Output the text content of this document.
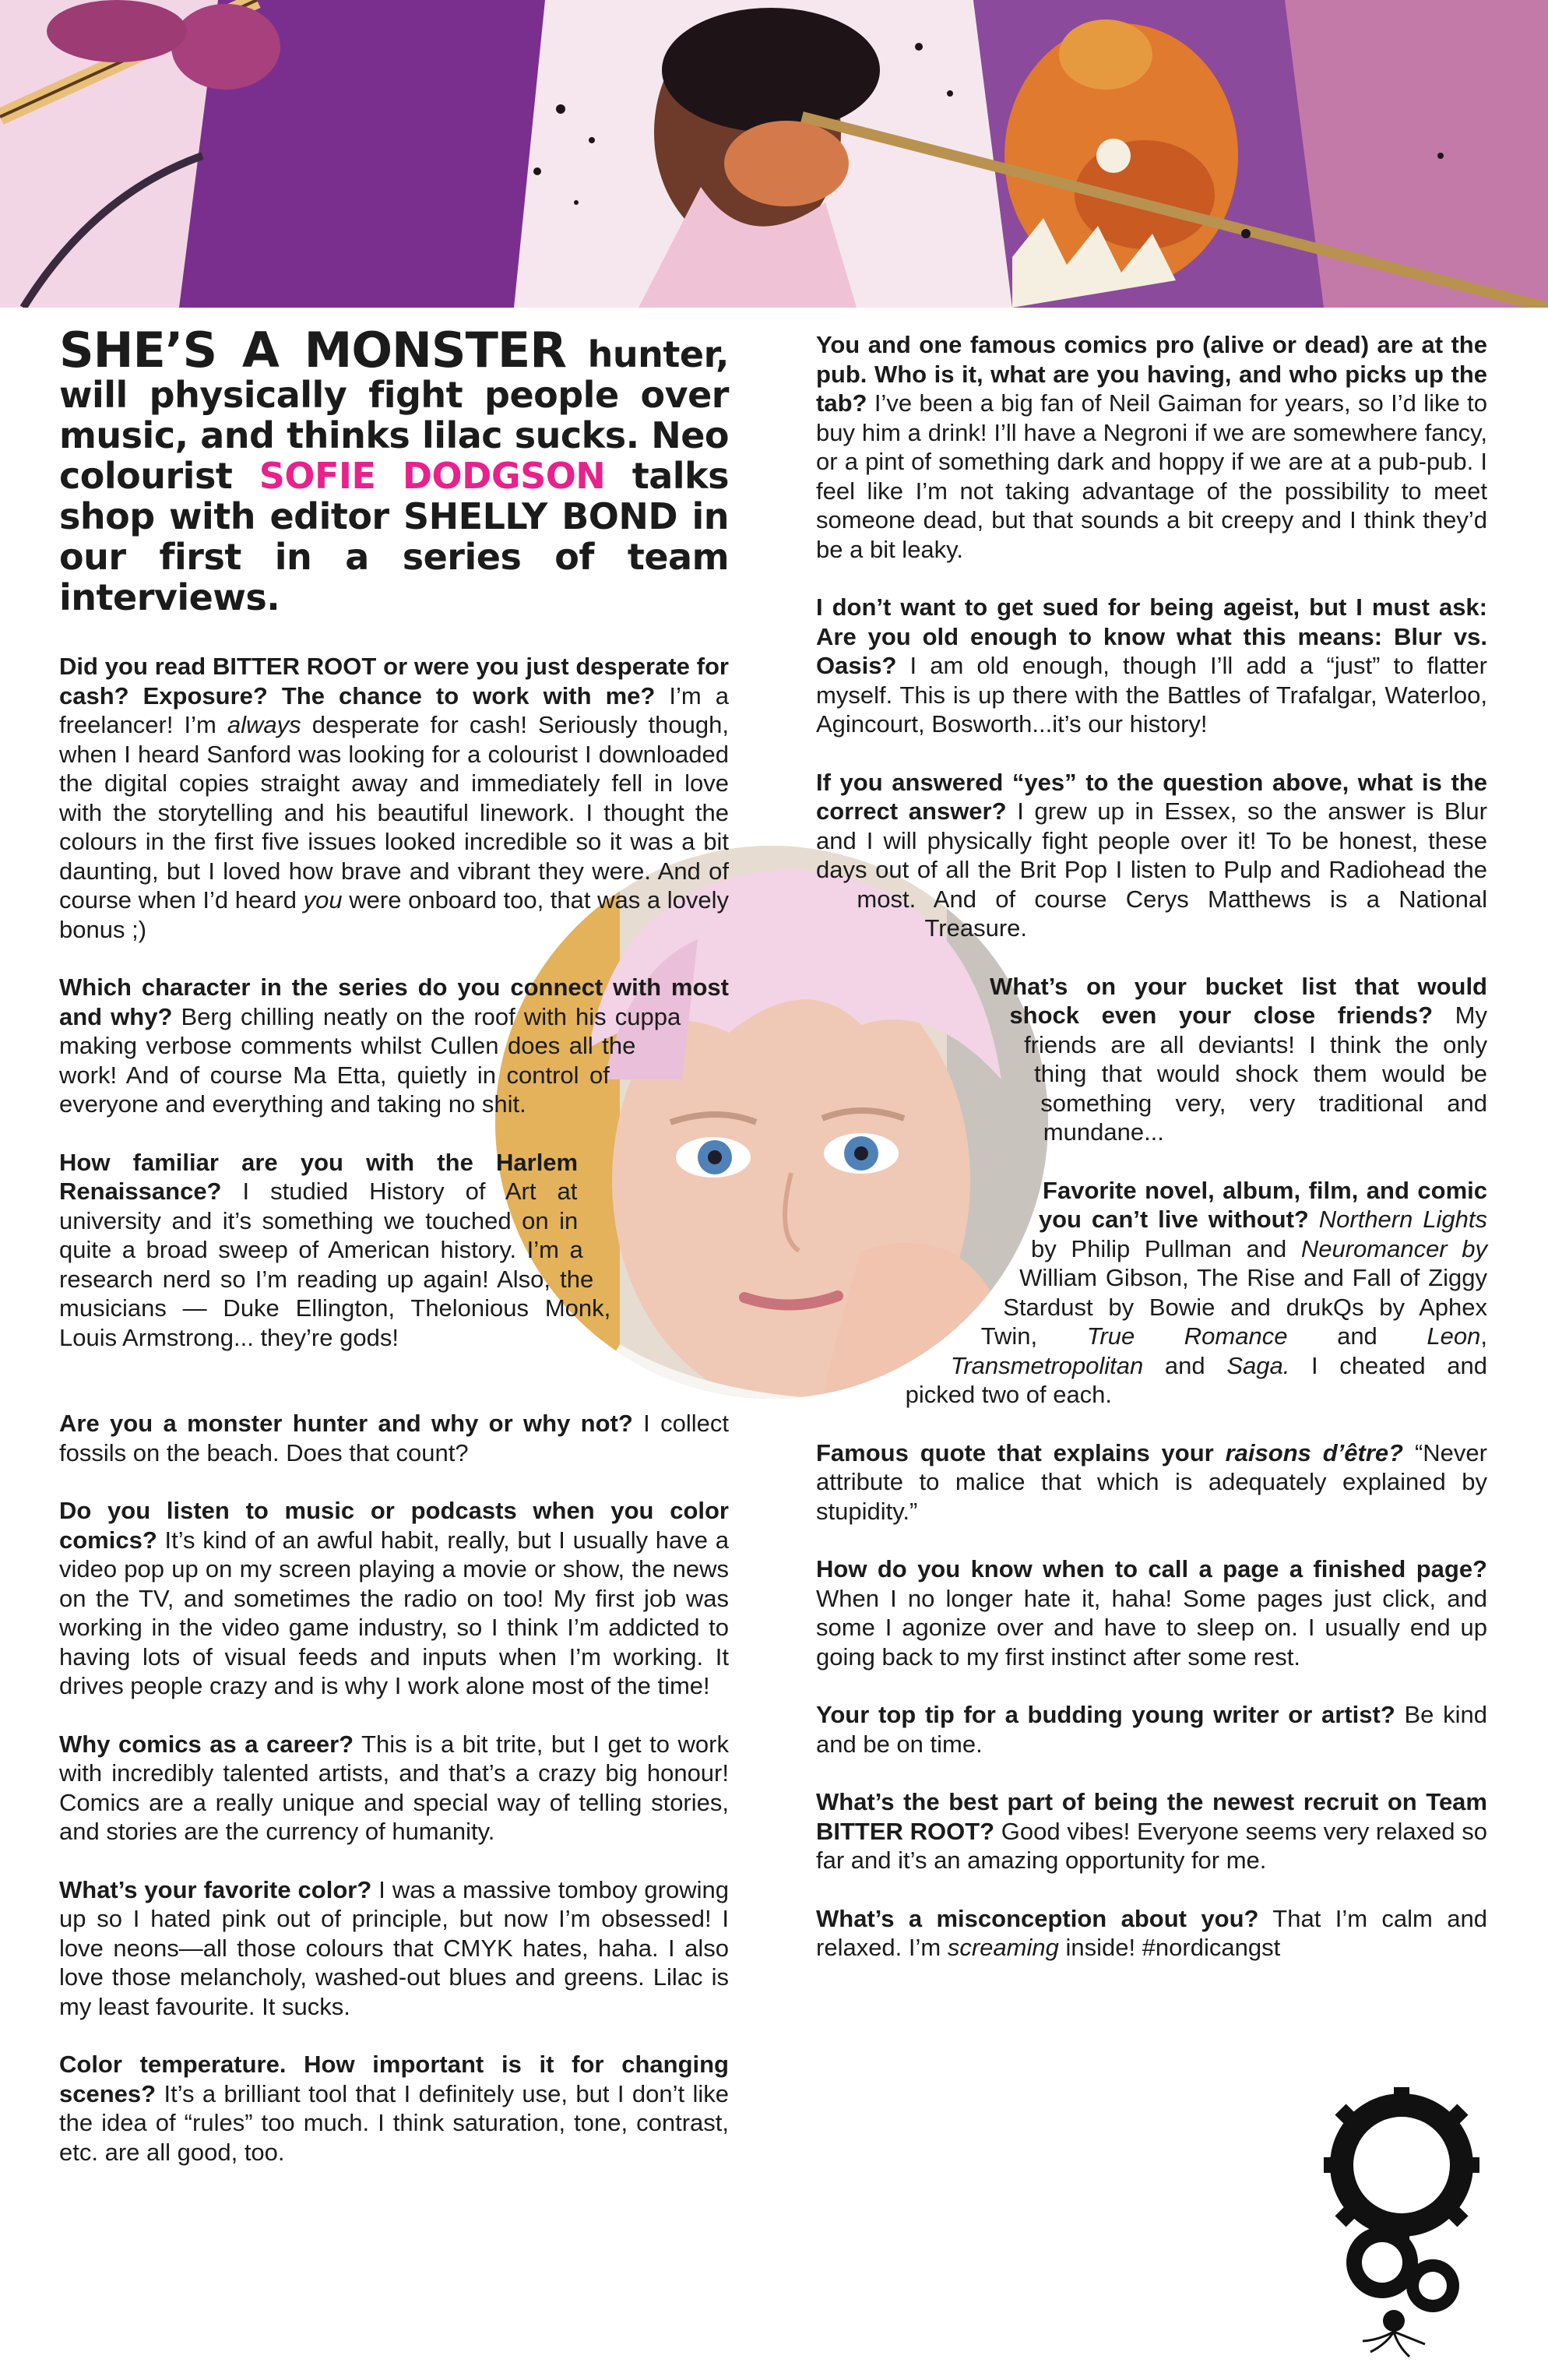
SHE’S A MONSTER hunter, will physically fight people over music, and thinks lilac sucks. Neo colourist SOFIE DODGSON talks shop with editor SHELLY BOND in our first in a series of team interviews.

Did you read BITTER ROOT or were you just desperate for cash? Exposure? The chance to work with me? I’m a freelancer! I’m always desperate for cash! Seriously though, when I heard Sanford was looking for a colourist I downloaded the digital copies straight away and immediately fell in love with the storytelling and his beautiful linework. I thought the colours in the first five issues looked incredible so it was a bit daunting, but I loved how brave and vibrant they were. And of course when I’d heard you were onboard too, that was a lovely bonus ;)

Which character in the series do you connect with most and why? Berg chilling neatly on the roof with his cuppa making verbose comments whilst Cullen does all the work! And of course Ma Etta, quietly in control of everyone and everything and taking no shit.

How familiar are you with the Harlem Renaissance? I studied History of Art at university and it’s something we touched on in quite a broad sweep of American history. I’m a research nerd so I’m reading up again! Also, the musicians — Duke Ellington, Thelonious Monk, Louis Armstrong... they’re gods!

Are you a monster hunter and why or why not? I collect fossils on the beach. Does that count?

Do you listen to music or podcasts when you color comics? It’s kind of an awful habit, really, but I usually have a video pop up on my screen playing a movie or show, the news on the TV, and sometimes the radio on too! My first job was working in the video game industry, so I think I’m addicted to having lots of visual feeds and inputs when I’m working. It drives people crazy and is why I work alone most of the time!

Why comics as a career? This is a bit trite, but I get to work with incredibly talented artists, and that’s a crazy big honour! Comics are a really unique and special way of telling stories, and stories are the currency of humanity.

What’s your favorite color? I was a massive tomboy growing up so I hated pink out of principle, but now I’m obsessed! I love neons—all those colours that CMYK hates, haha. I also love those melancholy, washed-out blues and greens. Lilac is my least favourite. It sucks.

Color temperature. How important is it for changing scenes? It’s a brilliant tool that I definitely use, but I don’t like the idea of “rules” too much. I think saturation, tone, contrast, etc. are all good, too.

You and one famous comics pro (alive or dead) are at the pub. Who is it, what are you having, and who picks up the tab? I’ve been a big fan of Neil Gaiman for years, so I’d like to buy him a drink! I’ll have a Negroni if we are somewhere fancy, or a pint of something dark and hoppy if we are at a pub-pub. I feel like I’m not taking advantage of the possibility to meet someone dead, but that sounds a bit creepy and I think they’d be a bit leaky.

I don’t want to get sued for being ageist, but I must ask: Are you old enough to know what this means: Blur vs. Oasis? I am old enough, though I’ll add a “just” to flatter myself. This is up there with the Battles of Trafalgar, Waterloo, Agincourt, Bosworth...it’s our history!

If you answered “yes” to the question above, what is the correct answer? I grew up in Essex, so the answer is Blur and I will physically fight people over it! To be honest, these days out of all the Brit Pop I listen to Pulp and Radiohead the most. And of course Cerys Matthews is a National Treasure.

What’s on your bucket list that would shock even your close friends? My friends are all deviants! I think the only thing that would shock them would be something very, very traditional and mundane...

Favorite novel, album, film, and comic you can’t live without? Northern Lights by Philip Pullman and Neuromancer by William Gibson, The Rise and Fall of Ziggy Stardust by Bowie and drukQs by Aphex Twin, True Romance and Leon, Transmetropolitan and Saga. I cheated and picked two of each.

Famous quote that explains your raisons d’être? “Never attribute to malice that which is adequately explained by stupidity.”

How do you know when to call a page a finished page? When I no longer hate it, haha! Some pages just click, and some I agonize over and have to sleep on. I usually end up going back to my first instinct after some rest.

Your top tip for a budding young writer or artist? Be kind and be on time.

What’s the best part of being the newest recruit on Team BITTER ROOT? Good vibes! Everyone seems very relaxed so far and it’s an amazing opportunity for me.

What’s a misconception about you? That I’m calm and relaxed. I’m screaming inside! #nordicangst
